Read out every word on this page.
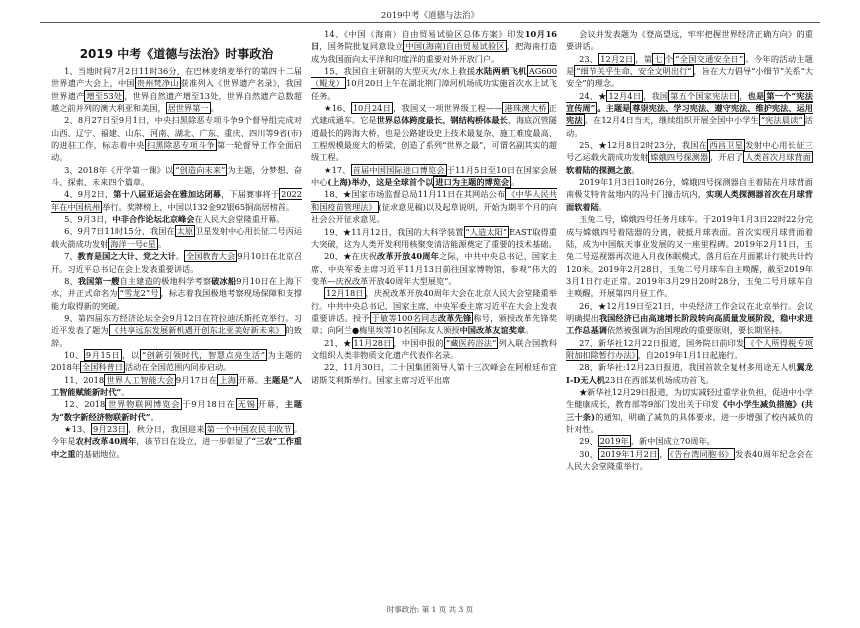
2019中考《道德与法治》
2019 中考《道德与法治》时事政治

1、当地时间7月2日11时36分，在巴林麦纳麦举行的第四十二届世界遗产大会上，中国 贵州梵净山 获准列入《世界遗产名录》，我国世界遗产 增至53处 ，世界自然遗产增至13处，世界自然遗产总数超越之前并列的澳大利亚和美国， 居世界第一 。

2、8月27日至9月1日，中央扫黑除恶专项斗争9个督导组完成对山西、辽宁、福建、山东、河南、湖北、广东、重庆、四川等9省(市)的进驻工作，标志着中央 扫黑除恶专项斗争 第一轮督导工作全面启动。

3、2018年《开学第一课》以 “创造向未来” 为主题，分梦想、奋斗、探索、未来四个篇章。

4、9月2日，第十八届亚运会在雅加达闭幕，下届赛事将于 2022年在中国杭州 举行。奖牌榜上，中国以132金92银65铜高居榜首。

5、9月3日，中非合作论坛北京峰会在人民大会堂隆重开幕。

6、9月7日11时15分，我国在 太原 卫星发射中心用长征二号丙运载火箭成功发射 海洋一号c星 。

7、教育是国之大计、党之大计。 全国教育大会 9月10日在北京召开。习近平总书记在会上发表重要讲话。

8、我国第一艘自主建造的极地科学考察破冰船9月10日在上海下水，并正式命名为 “雪龙2”号 ，标志着我国极地考察现场保障和支撑能力取得新的突破。

9、第四届东方经济论坛全会9月12日在符拉迪沃斯托克举行。习近平发表了题为 《共享远东发展新机遇开创东北亚美好新未来》 的致辞。

10、 9月15日 ，以 “创新引领时代，智慧点亮生活” 为主题的2018年 全国科普日 活动在全国范围内同步启动。

11、2018 世界人工智能大会 9月17日在 上海 开幕。主题是“人工智能赋能新时代”。

12、2018 世界物联网博览会 于9月18日在 无锡 开幕，主题为“数字新经济物联新时代”。

★13、 9月23日 ，秋分日，我国迎来 第一个中国农民丰收节 。今年是农村改革40周年，该节日在设立，进一步彰显了“三农”工作重中之重的基础地位。

14、《中国（海南）自由贸易试验区总体方案》印发10月16日，国务院批复同意设立 中国(海南)自由贸易试验区 ，把海南打造成为我国面向太平洋和印度洋的重要对外开放门户。

15、我国自主研制的大型灭火/水上救援水陆两栖飞机 AG600（鲲龙） 10月20日上午在湖北荆门漳河机场成功实施首次水上试飞任务。

★16、 10月24日 ，我国又一项世界级工程—— 港珠澳大桥 正式建成通车。它是世界总体跨度最长、钢结构桥体最长、海底沉管隧道最长的跨海大桥，也是公路建设史上技术最复杂、施工难度最高、工程规模最庞大的桥梁，创造了系列“世界之最”，可谓名副其实的超级工程。

★17、 首届中国国际进口博览会 于11月5日至10日在国家会展中心(上海)举办，这是全球首个以 进口为主题的博览会 。

18、★国家市场监督总局11月11日在其网站公布 《中华人民共和国疫苗管理法》 (征求意见稿)以及起草说明，开始为期半个月的向社会公开征求意见。

19、★11月12日，我国的大科学装置 “人造太阳” EAST取得重大突破，这为人类开发利用核聚变清洁能源奠定了重要的技术基础。

20、★在庆祝改革开放40周年之际，中共中央总书记、国家主席、中央军委主席习近平11月13日前往国家博物馆，参观“伟大的变革—庆祝改革开放40周年大型展览”。

12月18日 ，庆祝改革开放40周年大会在北京人民大会堂隆重举行。中共中央总书记、国家主席、中央军委主席习近平在大会上发表重要讲话。授予 于敏等100名同志改革先锋 称号，颁授改革先锋奖章；向阿兰●梅里埃等10名国际友人颁授中国改革友谊奖章。

21、★ 11月28日 ，中国申报的 “藏医药浴法” 列入联合国教科文组织人类非物质文化遗产代表作名录。

22、11月30日，二十国集团领导人第十三次峰会在阿根廷布宜诺斯艾利斯举行。国家主席习近平出席

会议并发表题为《登高望远，牢牢把握世界经济正确方向》的重要讲话。

23、 12月2日 ，第 七 个 “全国交通安全日” 。今年的活动主题是 “细节关乎生命、安全文明出行” ，旨在大力倡导“小细节”关系“大安全”的理念。

24、★ 12月4日 ，我国 第五个国家宪法日 ，也是 第一个“宪法宣传周” 。主题是 尊崇宪法、学习宪法、遵守宪法、维护宪法、运用宪法 。在12月4日当天，继续组织开展全国中小学生 “宪法晨读” 活动。

25、★12月8日2时23分，我国在 西昌卫星 发射中心用长征三号乙运载火箭成功发射 嫦娥四号探测器 ，开启了 人类首次月球背面软着陆的探测之旅。

2019年1月3日10时26分，嫦娥四号探测器自主着陆在月球背面南极艾特肯盆地内的冯卡门撞击坑内，实现人类探测器首次在月球背面软着陆。

玉兔二号，嫦娥四号任务月球车。于2019年1月3日22时22分完成与嫦娥四号着陆器的分离，驶抵月球表面。首次实现月球背面着陆，成为中国航天事业发展的又一座里程碑。2019年2月11日，玉兔二号巡视器再次进入月夜休眠模式，落月后在月面累计行驶共计约120米。2019年2月28日，玉兔二号月球车自主唤醒，截至2019年3月1日行走正常。2019年3月29日20时28分，玉兔二号月球车自主唤醒，开展第四月昼工作。

26、★12月19日至21日，中央经济工作会议在北京举行。会议明确提出我国经济已由高速增长阶段转向高质量发展阶段，稳中求进工作总基调依然被强调为治国理政的重要原则，要长期坚持。

27、新华社12月22日报道，国务院日前印发 《个人所得税专项附加扣除暂行办法》 ，自2019年1月1日起施行。

28、新华社:12月23日报道，我国首款全复材多用途无人机翼龙I-D无人机23日在西部某机场成功首飞。

★新华社12月29日报道，为切实减轻过重学业负担，促进中小学生健康成长，教育部等9部门发出关于印发《中小学生减负措施》(共三十条)的通知，明确了减负的具体要求，进一步增强了校内减负的针对性。

29、 2019年 ，新中国成立70周年。

30、 2019年1月2日 ， 《告台湾同胞书》 发表40周年纪念会在人民大会堂隆重举行。

时事政治: 第 1 页 共 3 页
